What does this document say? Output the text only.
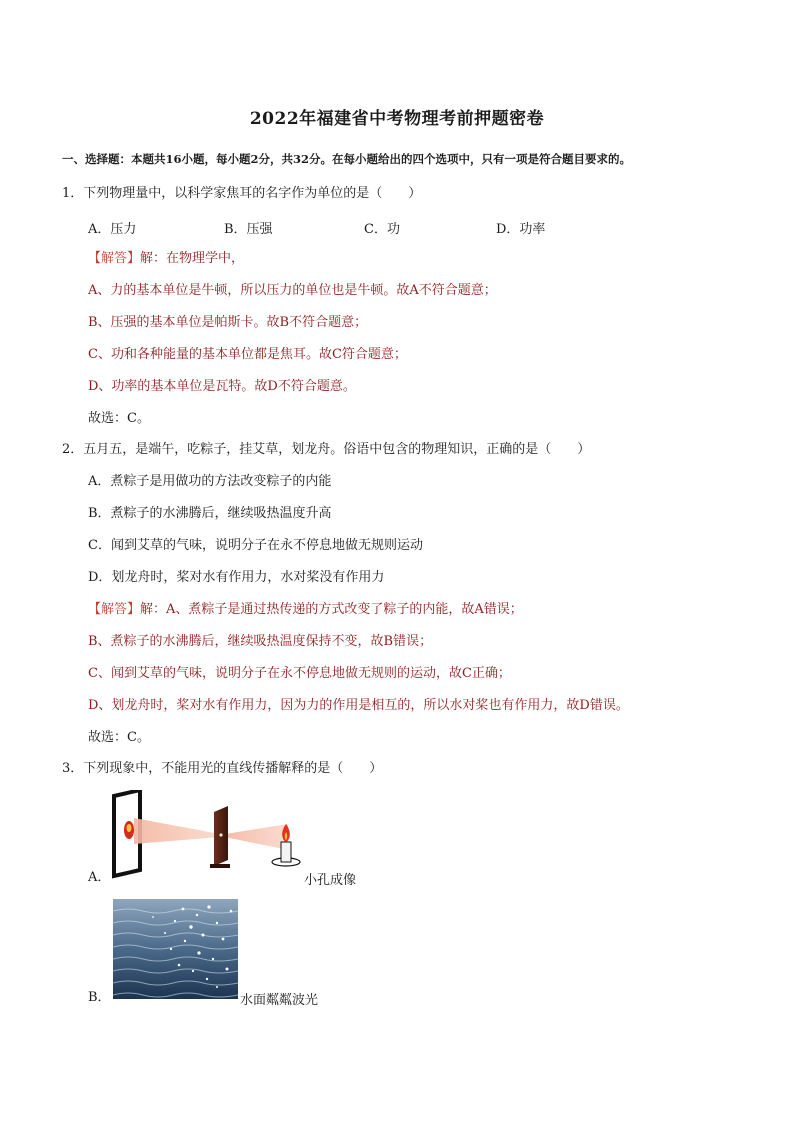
2022年福建省中考物理考前押题密卷
一、选择题：本题共16小题，每小题2分，共32分。在每小题给出的四个选项中，只有一项是符合题目要求的。
1．下列物理量中，以科学家焦耳的名字作为单位的是（　　）
A．压力	B．压强	C．功	D．功率
【解答】解：在物理学中，
A、力的基本单位是牛顿，所以压力的单位也是牛顿。故A不符合题意；
B、压强的基本单位是帕斯卡。故B不符合题意；
C、功和各种能量的基本单位都是焦耳。故C符合题意；
D、功率的基本单位是瓦特。故D不符合题意。
故选：C。
2．五月五，是端午，吃粽子，挂艾草，划龙舟。俗语中包含的物理知识，正确的是（　　）
A．煮粽子是用做功的方法改变粽子的内能
B．煮粽子的水沸腾后，继续吸热温度升高
C．闻到艾草的气味，说明分子在永不停息地做无规则运动
D．划龙舟时，桨对水有作用力，水对桨没有作用力
【解答】解：A、煮粽子是通过热传递的方式改变了粽子的内能，故A错误；
B、煮粽子的水沸腾后，继续吸热温度保持不变，故B错误；
C、闻到艾草的气味，说明分子在永不停息地做无规则的运动，故C正确；
D、划龙舟时，桨对水有作用力，因为力的作用是相互的，所以水对桨也有作用力，故D错误。
故选：C。
3．下列现象中，不能用光的直线传播解释的是（　　）
A．	小孔成像
B．	水面粼粼波光
